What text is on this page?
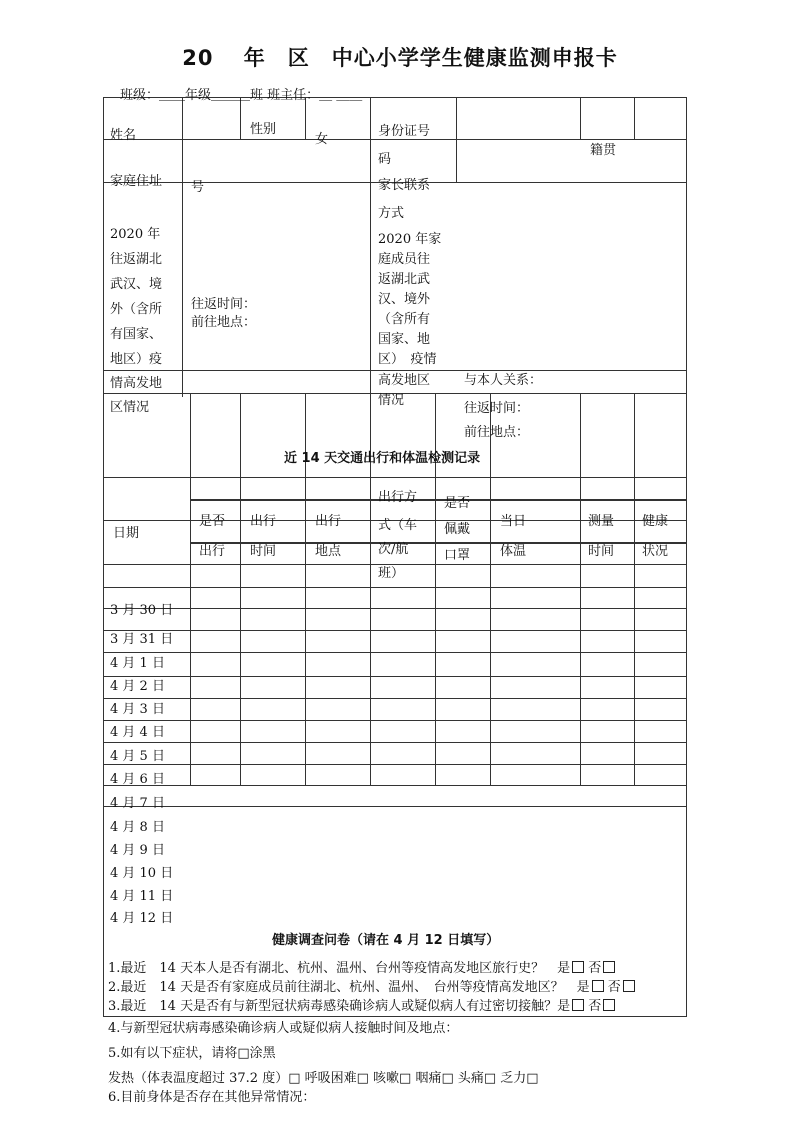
20　 年　区　中心小学学生健康监测申报卡
班级：＿＿年级＿＿＿班 班主任：＿ ＿＿
姓名	性别
女
身份证号
码
籍贯
家庭住址 号	家长联系
方式
2020 年
往返湖北
武汉、境
外（含所
有国家、
地区）疫
情高发地
区情况
往返时间：
前往地点：
2020 年家
庭成员往
返湖北武
汉、境外
（含所有
国家、地
区）　疫情
高发地区
情况
与本人关系：
往返时间：
前往地点：
近 14 天交通出行和体温检测记录
日期
是否
出行
出行
时间
出行
地点
出行方
式（车
次/航
班）
是否
佩戴
口罩
当日
体温
测量
时间
健康
状况
3 月 30 日
3 月 31 日
4 月 1 日
4 月 2 日
4 月 3 日
4 月 4 日
4 月 5 日
4 月 6 日
4 月 7 日
4 月 8 日
4 月 9 日
4 月 10 日
4 月 11 日
4 月 12 日
健康调查问卷（请在 4 月 12 日填写）
1.最近　14 天本人是否有湖北、杭州、温州、台州等疫情高发地区旅行史？　是 否
2.最近　14 天是否有家庭成员前往湖北、杭州、温州、　台州等疫情高发地区？　是 否
3.最近　14 天是否有与新型冠状病毒感染确诊病人或疑似病人有过密切接触？是 否
4.与新型冠状病毒感染确诊病人或疑似病人接触时间及地点：
5.如有以下症状，请将□涂黑
发热（体表温度超过 37.2 度）□ 呼吸困难□ 咳嗽□ 咽痛□ 头痛□ 乏力□
6.目前身体是否存在其他异常情况：
